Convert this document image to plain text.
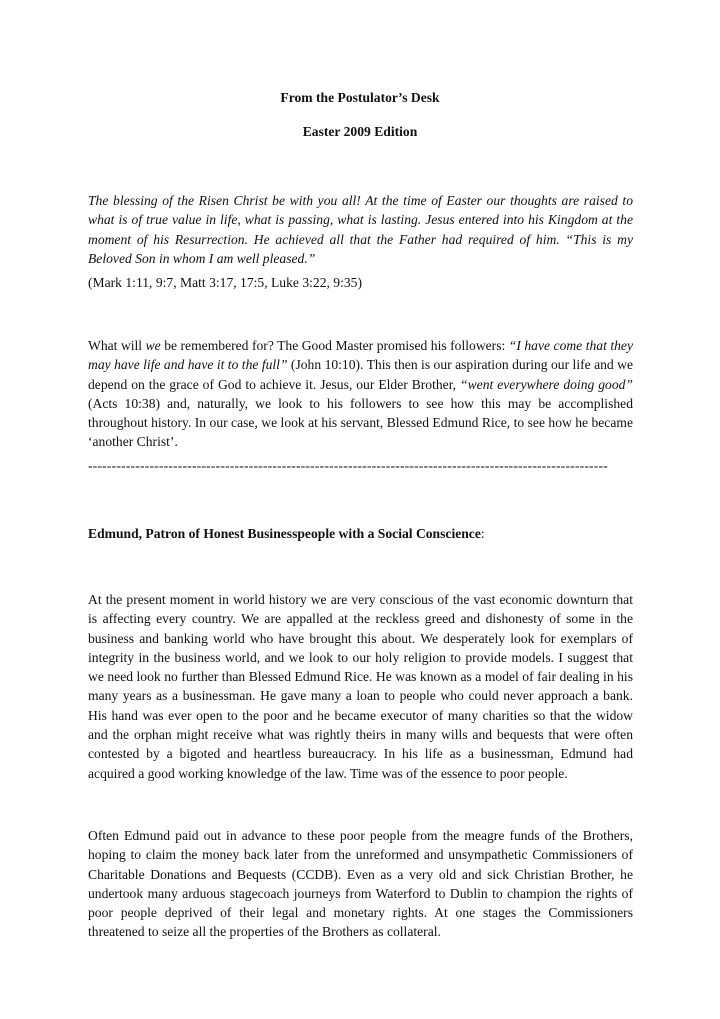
From the Postulator’s Desk
Easter 2009 Edition
The blessing of the Risen Christ be with you all! At the time of Easter our thoughts are raised to what is of true value in life, what is passing, what is lasting. Jesus entered into his Kingdom at the moment of his Resurrection. He achieved all that the Father had required of him. “This is my Beloved Son in whom I am well pleased.”
(Mark 1:11, 9:7, Matt 3:17, 17:5, Luke 3:22, 9:35)
What will we be remembered for? The Good Master promised his followers: “I have come that they may have life and have it to the full” (John 10:10). This then is our aspiration during our life and we depend on the grace of God to achieve it. Jesus, our Elder Brother, “went everywhere doing good” (Acts 10:38) and, naturally, we look to his followers to see how this may be accomplished throughout history. In our case, we look at his servant, Blessed Edmund Rice, to see how he became ‘another Christ’.
--------------------------------------------------------------------------------------------------------------
Edmund, Patron of Honest Businesspeople with a Social Conscience:
At the present moment in world history we are very conscious of the vast economic downturn that is affecting every country. We are appalled at the reckless greed and dishonesty of some in the business and banking world who have brought this about. We desperately look for exemplars of integrity in the business world, and we look to our holy religion to provide models. I suggest that we need look no further than Blessed Edmund Rice. He was known as a model of fair dealing in his many years as a businessman. He gave many a loan to people who could never approach a bank. His hand was ever open to the poor and he became executor of many charities so that the widow and the orphan might receive what was rightly theirs in many wills and bequests that were often contested by a bigoted and heartless bureaucracy. In his life as a businessman, Edmund had acquired a good working knowledge of the law. Time was of the essence to poor people.
Often Edmund paid out in advance to these poor people from the meagre funds of the Brothers, hoping to claim the money back later from the unreformed and unsympathetic Commissioners of Charitable Donations and Bequests (CCDB). Even as a very old and sick Christian Brother, he undertook many arduous stagecoach journeys from Waterford to Dublin to champion the rights of poor people deprived of their legal and monetary rights. At one stages the Commissioners threatened to seize all the properties of the Brothers as collateral.
